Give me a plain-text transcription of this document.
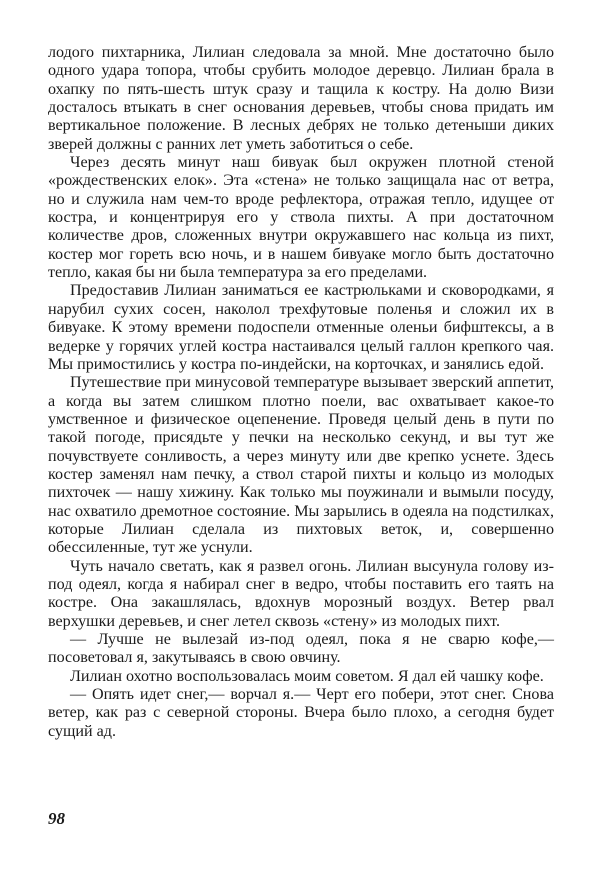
лодого пихтарника, Лилиан следовала за мной. Мне достаточно было одного удара топора, чтобы срубить молодое деревцо. Лилиан брала в охапку по пять-шесть штук сразу и тащила к костру. На долю Визи досталось втыкать в снег основания деревьев, чтобы снова придать им вертикальное положение. В лесных дебрях не только детеныши диких зверей должны с ранних лет уметь заботиться о себе.

Через десять минут наш бивуак был окружен плотной стеной «рождественских елок». Эта «стена» не только защищала нас от ветра, но и служила нам чем-то вроде рефлектора, отражая тепло, идущее от костра, и концентрируя его у ствола пихты. А при достаточном количестве дров, сложенных внутри окружавшего нас кольца из пихт, костер мог гореть всю ночь, и в нашем бивуаке могло быть достаточно тепло, какая бы ни была температура за его пределами.

Предоставив Лилиан заниматься ее кастрюльками и сковородками, я нарубил сухих сосен, наколол трехфутовые поленья и сложил их в бивуаке. К этому времени подоспели отменные оленьи бифштексы, а в ведерке у горячих углей костра настаивался целый галлон крепкого чая. Мы примостились у костра по-индейски, на корточках, и занялись едой.

Путешествие при минусовой температуре вызывает зверский аппетит, а когда вы затем слишком плотно поели, вас охватывает какое-то умственное и физическое оцепенение. Проведя целый день в пути по такой погоде, присядьте у печки на несколько секунд, и вы тут же почувствуете сонливость, а через минуту или две крепко уснете. Здесь костер заменял нам печку, а ствол старой пихты и кольцо из молодых пихточек — нашу хижину. Как только мы поужинали и вымыли посуду, нас охватило дремотное состояние. Мы зарылись в одеяла на подстилках, которые Лилиан сделала из пихтовых веток, и, совершенно обессиленные, тут же уснули.

Чуть начало светать, как я развел огонь. Лилиан высунула голову из-под одеял, когда я набирал снег в ведро, чтобы поставить его таять на костре. Она закашлялась, вдохнув морозный воздух. Ветер рвал верхушки деревьев, и снег летел сквозь «стену» из молодых пихт.

— Лучше не вылезай из-под одеял, пока я не сварю кофе,— посоветовал я, закутываясь в свою овчину.

Лилиан охотно воспользовалась моим советом. Я дал ей чашку кофе.

— Опять идет снег,— ворчал я.— Черт его побери, этот снег. Снова ветер, как раз с северной стороны. Вчера было плохо, а сегодня будет сущий ад.

98
